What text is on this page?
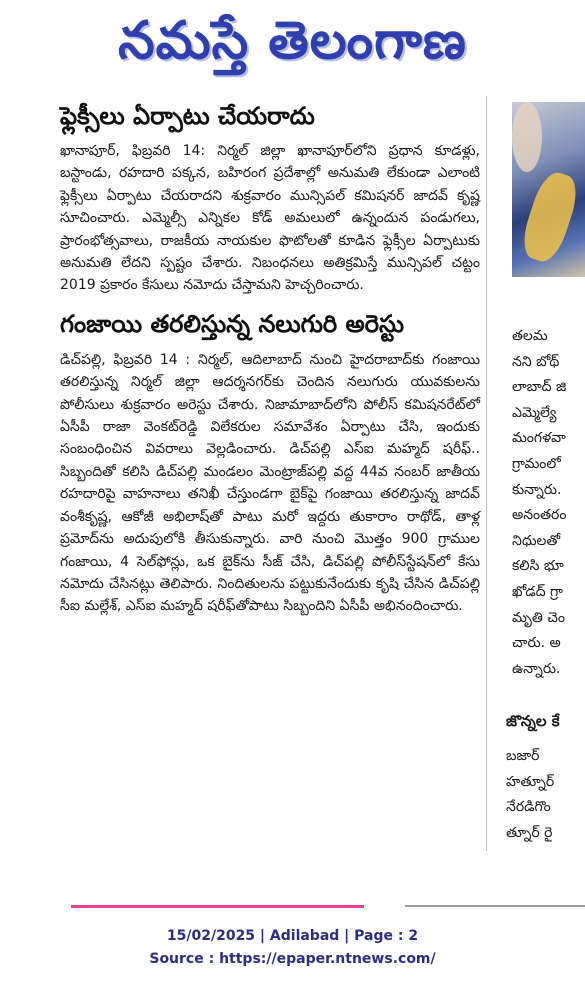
నమస్తే తెలంగాణ
ఫ్లెక్సీలు ఏర్పాటు చేయరాదు

ఖానాపూర్, ఫిబ్రవరి 14: నిర్మల్ జిల్లా ఖానాపూర్‌లోని ప్రధాన కూడళ్లు, బస్టాండు, రహదారి పక్కన, బహిరంగ ప్రదేశాల్లో అనుమతి లేకుండా ఎలాంటి ఫ్లెక్సీలు ఏర్పాటు చేయరాదని శుక్రవారం మున్సిపల్ కమిషనర్ జాదవ్ కృష్ణ సూచించారు. ఎమ్మెల్సీ ఎన్నికల కోడ్ అమలులో ఉన్నందున పండుగలు, ప్రారంభోత్సవాలు, రాజకీయ నాయకుల ఫొటోలతో కూడిన ఫ్లెక్సీల ఏర్పాటుకు అనుమతి లేదని స్పష్టం చేశారు. నిబంధనలు అతిక్రమిస్తే మున్సిపల్ చట్టం 2019 ప్రకారం కేసులు నమోదు చేస్తామని హెచ్చరించారు.

గంజాయి తరలిస్తున్న నలుగురి అరెస్టు

డిచ్‌పల్లి, ఫిబ్రవరి 14 : నిర్మల్, ఆదిలాబాద్ నుంచి హైదరాబాద్‌కు గంజాయి తరలిస్తున్న నిర్మల్ జిల్లా ఆదర్శనగర్‌కు చెందిన నలుగురు యువకులను పోలీసులు శుక్రవారం అరెస్టు చేశారు. నిజామాబాద్‌లోని పోలీస్ కమిషనరేట్‌లో ఏసీపీ రాజా వెంకట్‌రెడ్డి విలేకరుల సమావేశం ఏర్పాటు చేసి, ఇందుకు సంబంధించిన వివరాలు వెల్లడించారు. డిచ్‌పల్లి ఎస్‌ఐ మహ్మద్ షరీఫ్.. సిబ్బందితో కలిసి డిచ్‌పల్లి మండలం మెంట్రాజ్‌పల్లి వద్ద 44వ నంబర్ జాతీయ రహదారిపై వాహనాలు తనిఖీ చేస్తుండగా బైక్‌పై గంజాయి తరలిస్తున్న జాదవ్ వంశీకృష్ణ, ఆకోజీ అభిలాష్‌తో పాటు మరో ఇద్దరు తుకారాం రాథోడ్, తాళ్ల ప్రమోద్‌ను అదుపులోకి తీసుకున్నారు. వారి నుంచి మొత్తం 900 గ్రాముల గంజాయి, 4 సెల్‌ఫోన్లు, ఒక బైక్‌ను సీజ్ చేసి, డిచ్‌పల్లి పోలీస్‌స్టేషన్‌లో కేసు నమోదు చేసినట్లు తెలిపారు. నిందితులను పట్టుకునేందుకు కృషి చేసిన డిచ్‌పల్లి సీఐ మల్లేశ్, ఎస్‌ఐ మహ్మద్ షరీఫ్‌తోపాటు సిబ్బందిని ఏసీపీ అభినందించారు.

తలమ
నని బోథ్
లాబాద్ జి
ఎమ్మెల్యే
మంగళవా
గ్రామంలో
కున్నారు.
అనంతరం
నిధులతో
కలిసి భూ
ఖోడద్ గ్రా
మృతి చెం
చారు. అ
ఉన్నారు.
జొన్నల కే
బజార్
హత్నూర్‌
నేరడిగొం
త్నూర్ రై
15/02/2025 | Adilabad | Page : 2
Source : https://epaper.ntnews.com/
